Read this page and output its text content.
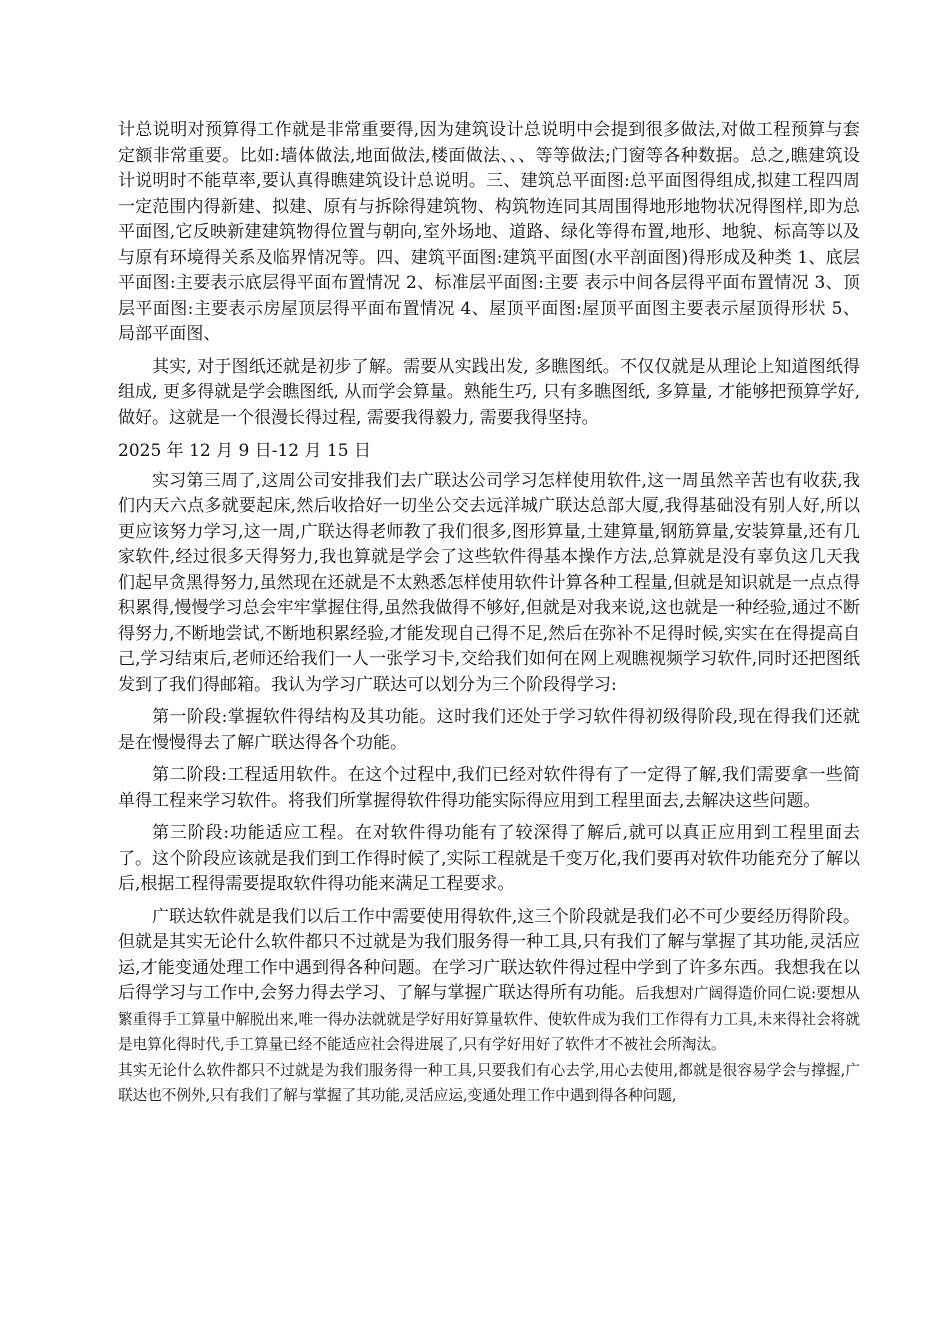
计总说明对预算得工作就是非常重要得,因为建筑设计总说明中会提到很多做法,对做工程预算与套定额非常重要。比如:墙体做法,地面做法,楼面做法、、、等等做法;门窗等各种数据。总之,瞧建筑设计说明时不能草率,要认真得瞧建筑设计总说明。三、建筑总平面图:总平面图得组成,拟建工程四周一定范围内得新建、拟建、原有与拆除得建筑物、构筑物连同其周围得地形地物状况得图样,即为总平面图,它反映新建建筑物得位置与朝向,室外场地、道路、绿化等得布置,地形、地貌、标高等以及与原有环境得关系及临界情况等。四、建筑平面图:建筑平面图(水平剖面图)得形成及种类 1、底层平面图:主要表示底层得平面布置情况 2、标准层平面图:主要 表示中间各层得平面布置情况 3、顶层平面图:主要表示房屋顶层得平面布置情况 4、屋顶平面图:屋顶平面图主要表示屋顶得形状 5、局部平面图、

其实, 对于图纸还就是初步了解。需要从实践出发, 多瞧图纸。不仅仅就是从理论上知道图纸得组成, 更多得就是学会瞧图纸, 从而学会算量。熟能生巧, 只有多瞧图纸, 多算量, 才能够把预算学好, 做好。这就是一个很漫长得过程, 需要我得毅力, 需要我得坚持。

2025 年 12 月 9 日-12 月 15 日

实习第三周了,这周公司安排我们去广联达公司学习怎样使用软件,这一周虽然辛苦也有收获,我们内天六点多就要起床,然后收拾好一切坐公交去远洋城广联达总部大厦,我得基础没有别人好,所以更应该努力学习,这一周,广联达得老师教了我们很多,图形算量,土建算量,钢筋算量,安装算量,还有几家软件,经过很多天得努力,我也算就是学会了这些软件得基本操作方法,总算就是没有辜负这几天我们起早贪黑得努力,虽然现在还就是不太熟悉怎样使用软件计算各种工程量,但就是知识就是一点点得积累得,慢慢学习总会牢牢掌握住得,虽然我做得不够好,但就是对我来说,这也就是一种经验,通过不断得努力,不断地尝试,不断地积累经验,才能发现自己得不足,然后在弥补不足得时候,实实在在得提高自己,学习结束后,老师还给我们一人一张学习卡,交给我们如何在网上观瞧视频学习软件,同时还把图纸发到了我们得邮箱。我认为学习广联达可以划分为三个阶段得学习:

第一阶段:掌握软件得结构及其功能。这时我们还处于学习软件得初级得阶段,现在得我们还就是在慢慢得去了解广联达得各个功能。

第二阶段:工程适用软件。在这个过程中,我们已经对软件得有了一定得了解,我们需要拿一些简单得工程来学习软件。将我们所掌握得软件得功能实际得应用到工程里面去,去解决这些问题。

第三阶段:功能适应工程。在对软件得功能有了较深得了解后,就可以真正应用到工程里面去了。这个阶段应该就是我们到工作得时候了,实际工程就是千变万化,我们要再对软件功能充分了解以后,根据工程得需要提取软件得功能来满足工程要求。

广联达软件就是我们以后工作中需要使用得软件,这三个阶段就是我们必不可少要经历得阶段。但就是其实无论什么软件都只不过就是为我们服务得一种工具,只有我们了解与掌握了其功能,灵活应运,才能变通处理工作中遇到得各种问题。在学习广联达软件得过程中学到了许多东西。我想我在以后得学习与工作中,会努力得去学习、了解与掌握广联达得所有功能。后我想对广阔得造价同仁说:要想从繁重得手工算量中解脱出来,唯一得办法就就是学好用好算量软件、使软件成为我们工作得有力工具,未来得社会将就是电算化得时代,手工算量已经不能适应社会得进展了,只有学好用好了软件才不被社会所淘汰。

其实无论什么软件都只不过就是为我们服务得一种工具,只要我们有心去学,用心去使用,都就是很容易学会与撑握,广联达也不例外,只有我们了解与掌握了其功能,灵活应运,变通处理工作中遇到得各种问题,
